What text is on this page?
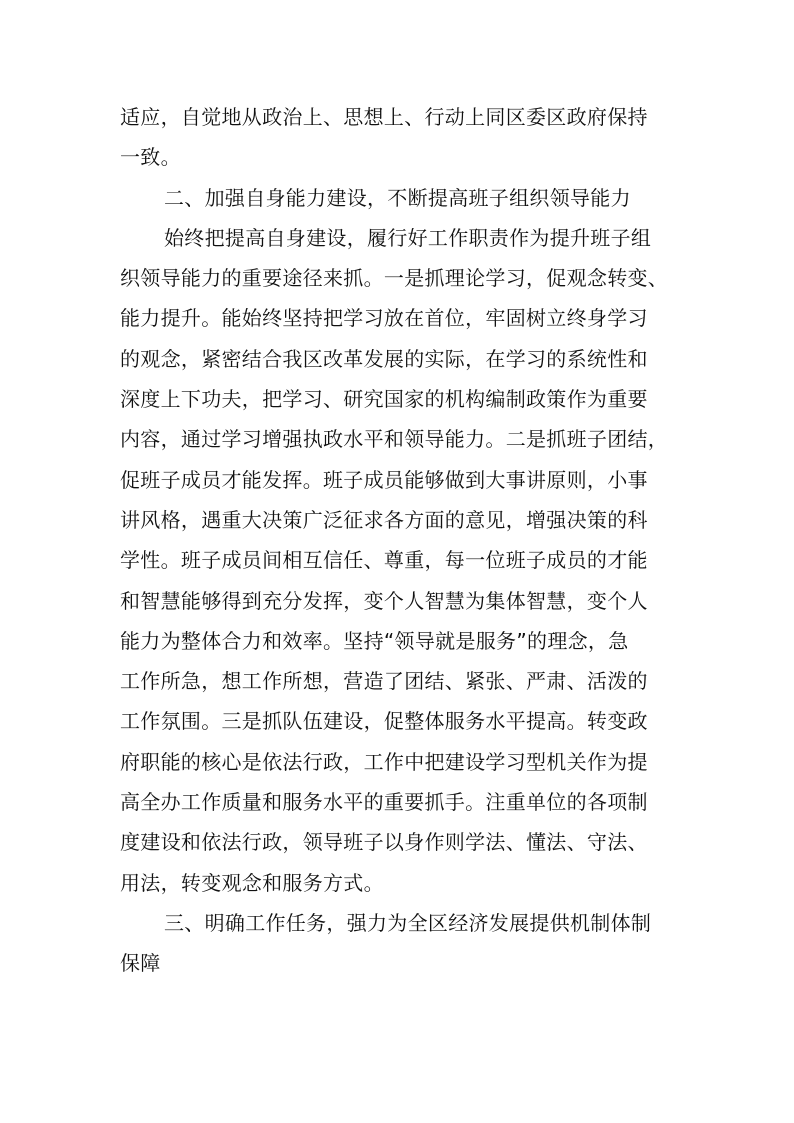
适应，自觉地从政治上、思想上、行动上同区委区政府保持
一致。
二、加强自身能力建设，不断提高班子组织领导能力
始终把提高自身建设，履行好工作职责作为提升班子组
织领导能力的重要途径来抓。一是抓理论学习，促观念转变、
能力提升。能始终坚持把学习放在首位，牢固树立终身学习
的观念，紧密结合我区改革发展的实际，在学习的系统性和
深度上下功夫，把学习、研究国家的机构编制政策作为重要
内容，通过学习增强执政水平和领导能力。二是抓班子团结，
促班子成员才能发挥。班子成员能够做到大事讲原则，小事
讲风格，遇重大决策广泛征求各方面的意见，增强决策的科
学性。班子成员间相互信任、尊重，每一位班子成员的才能
和智慧能够得到充分发挥，变个人智慧为集体智慧，变个人
能力为整体合力和效率。坚持“领导就是服务”的理念，急
工作所急，想工作所想，营造了团结、紧张、严肃、活泼的
工作氛围。三是抓队伍建设，促整体服务水平提高。转变政
府职能的核心是依法行政，工作中把建设学习型机关作为提
高全办工作质量和服务水平的重要抓手。注重单位的各项制
度建设和依法行政，领导班子以身作则学法、懂法、守法、
用法，转变观念和服务方式。
三、明确工作任务，强力为全区经济发展提供机制体制
保障
